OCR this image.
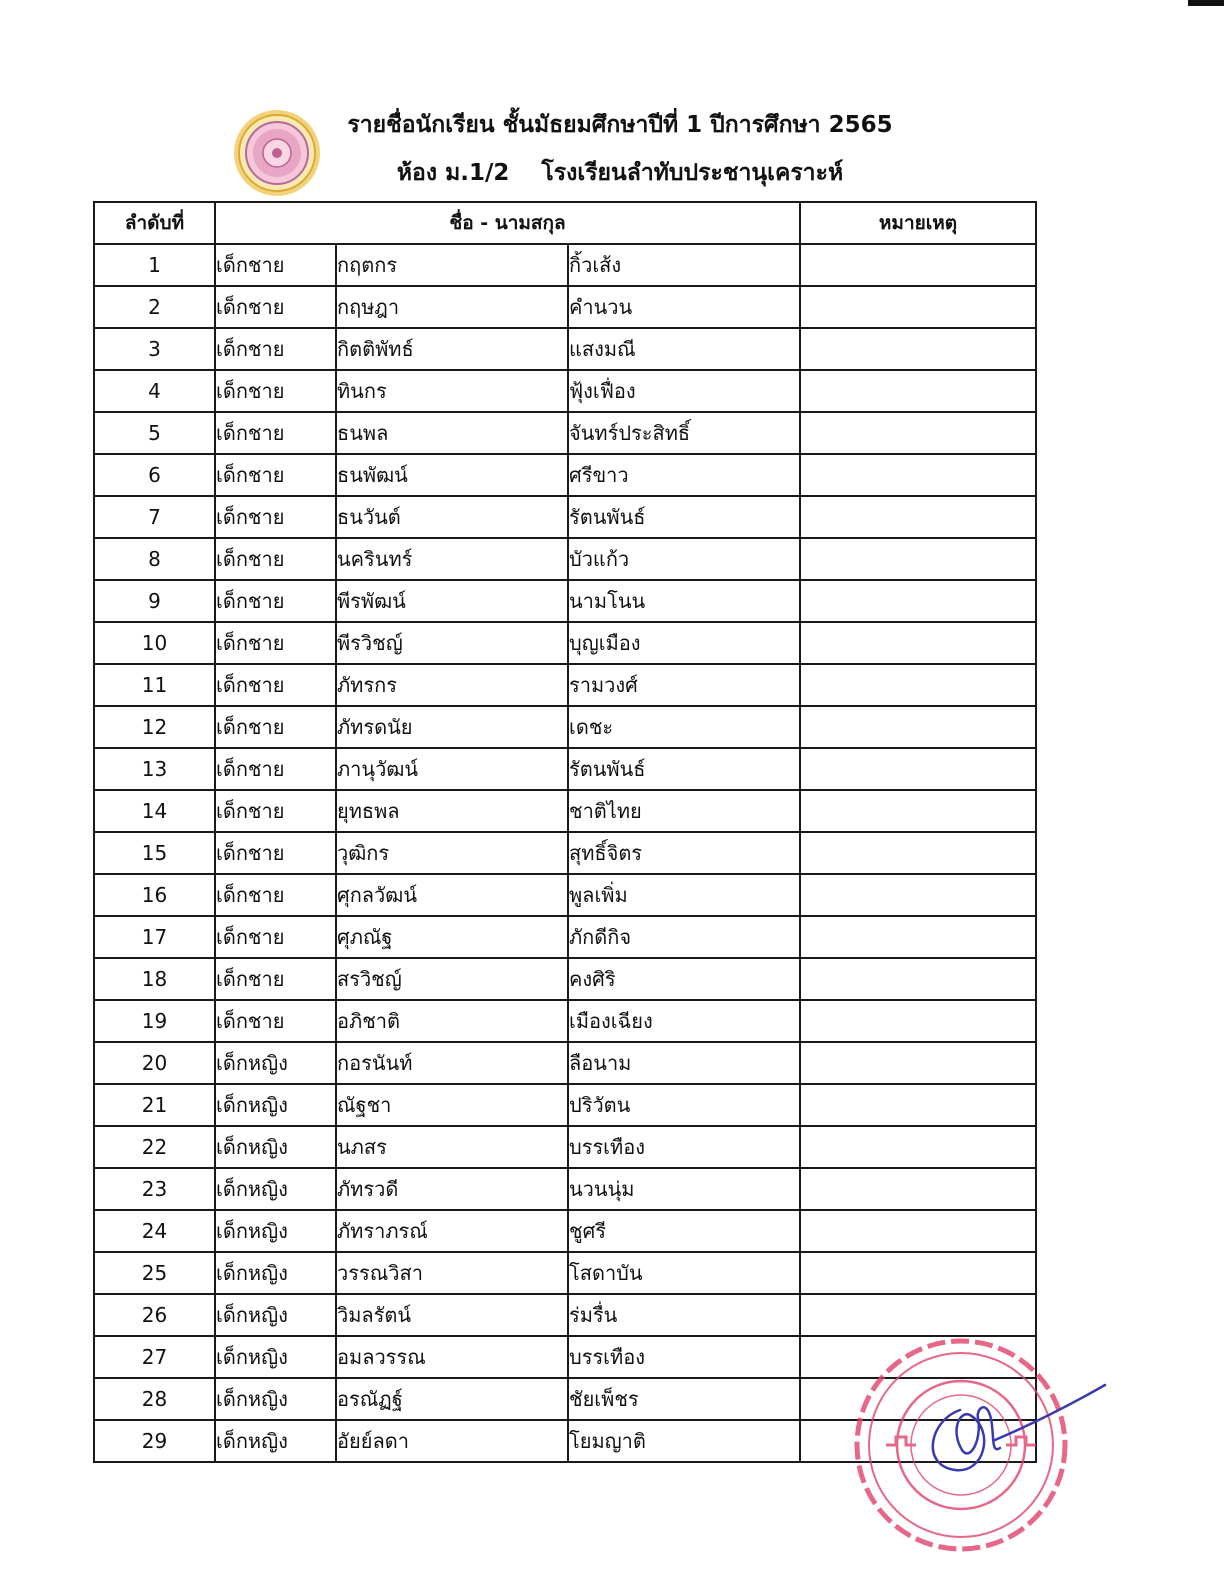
รายชื่อนักเรียน ชั้นมัธยมศึกษาปีที่ 1 ปีการศึกษา 2565
ห้อง ม.1/2 โรงเรียนลำทับประชานุเคราะห์
ลำดับที่	ชื่อ - นามสกุล			หมายเหตุ
1	เด็กชาย	กฤตกร	กิ้วเส้ง	
2	เด็กชาย	กฤษฎา	คำนวน	
3	เด็กชาย	กิตติพัทธ์	แสงมณี	
4	เด็กชาย	ทินกร	ฟุ้งเฟื่อง	
5	เด็กชาย	ธนพล	จันทร์ประสิทธิ์	
6	เด็กชาย	ธนพัฒน์	ศรีขาว	
7	เด็กชาย	ธนวันต์	รัตนพันธ์	
8	เด็กชาย	นครินทร์	บัวแก้ว	
9	เด็กชาย	พีรพัฒน์	นามโนน	
10	เด็กชาย	พีรวิชญ์	บุญเมือง	
11	เด็กชาย	ภัทรกร	รามวงศ์	
12	เด็กชาย	ภัทรดนัย	เดชะ	
13	เด็กชาย	ภานุวัฒน์	รัตนพันธ์	
14	เด็กชาย	ยุทธพล	ชาติไทย	
15	เด็กชาย	วุฒิกร	สุทธิ์จิตร	
16	เด็กชาย	ศุกลวัฒน์	พูลเพิ่ม	
17	เด็กชาย	ศุภณัฐ	ภักดีกิจ	
18	เด็กชาย	สรวิชญ์	คงศิริ	
19	เด็กชาย	อภิชาติ	เมืองเฉียง	
20	เด็กหญิง	กอรนันท์	ลือนาม	
21	เด็กหญิง	ณัฐชา	ปริวัตน	
22	เด็กหญิง	นภสร	บรรเทือง	
23	เด็กหญิง	ภัทรวดี	นวนนุ่ม	
24	เด็กหญิง	ภัทราภรณ์	ชูศรี	
25	เด็กหญิง	วรรณวิสา	โสดาบัน	
26	เด็กหญิง	วิมลรัตน์	ร่มรื่น	
27	เด็กหญิง	อมลวรรณ	บรรเทือง	
28	เด็กหญิง	อรณัฏฐ์	ชัยเพ็ชร	
29	เด็กหญิง	อัยย์ลดา	โยมญาติ	
